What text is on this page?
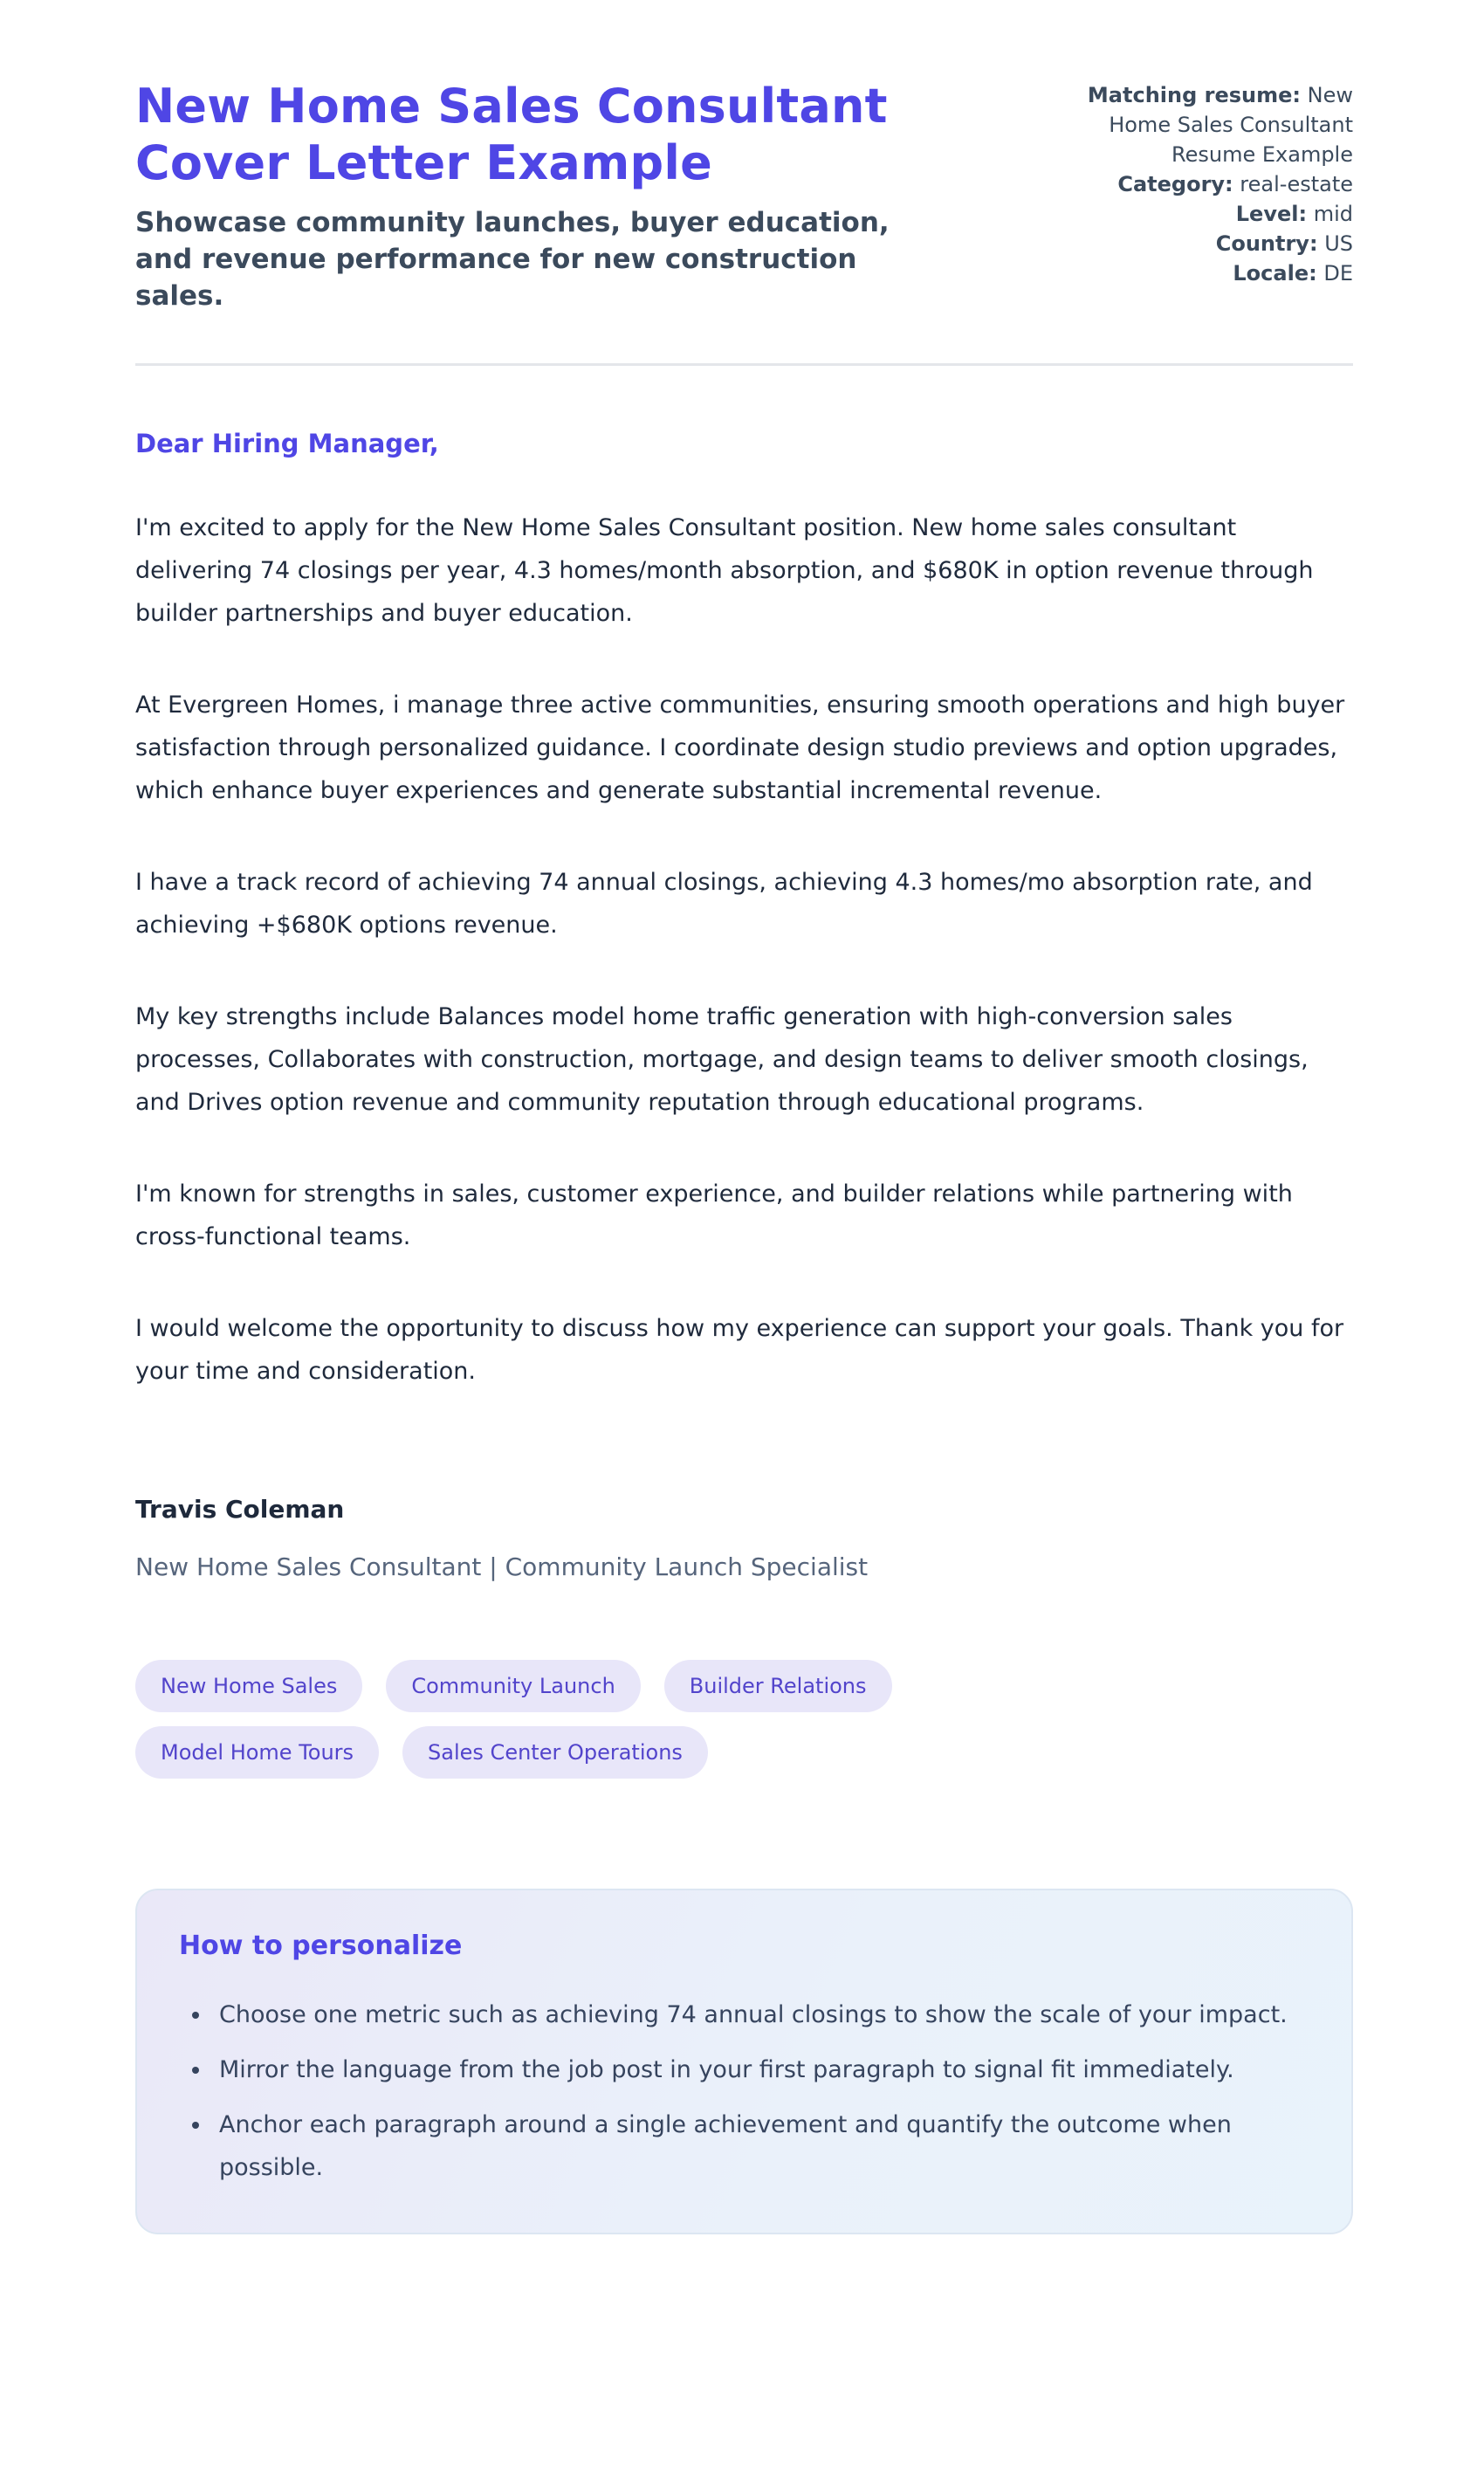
New Home Sales Consultant Cover Letter Example

Showcase community launches, buyer education, and revenue performance for new construction sales.

Matching resume: New Home Sales Consultant Resume Example
Category: real-estate
Level: mid
Country: US
Locale: DE

Dear Hiring Manager,

I'm excited to apply for the New Home Sales Consultant position. New home sales consultant delivering 74 closings per year, 4.3 homes/month absorption, and $680K in option revenue through builder partnerships and buyer education.

At Evergreen Homes, i manage three active communities, ensuring smooth operations and high buyer satisfaction through personalized guidance. I coordinate design studio previews and option upgrades, which enhance buyer experiences and generate substantial incremental revenue.

I have a track record of achieving 74 annual closings, achieving 4.3 homes/mo absorption rate, and achieving +$680K options revenue.

My key strengths include Balances model home traffic generation with high-conversion sales processes, Collaborates with construction, mortgage, and design teams to deliver smooth closings, and Drives option revenue and community reputation through educational programs.

I'm known for strengths in sales, customer experience, and builder relations while partnering with cross-functional teams.

I would welcome the opportunity to discuss how my experience can support your goals. Thank you for your time and consideration.

Travis Coleman

New Home Sales Consultant | Community Launch Specialist

New Home Sales	Community Launch	Builder Relations
Model Home Tours	Sales Center Operations
How to personalize
• Choose one metric such as achieving 74 annual closings to show the scale of your impact.
• Mirror the language from the job post in your first paragraph to signal fit immediately.
• Anchor each paragraph around a single achievement and quantify the outcome when possible.
